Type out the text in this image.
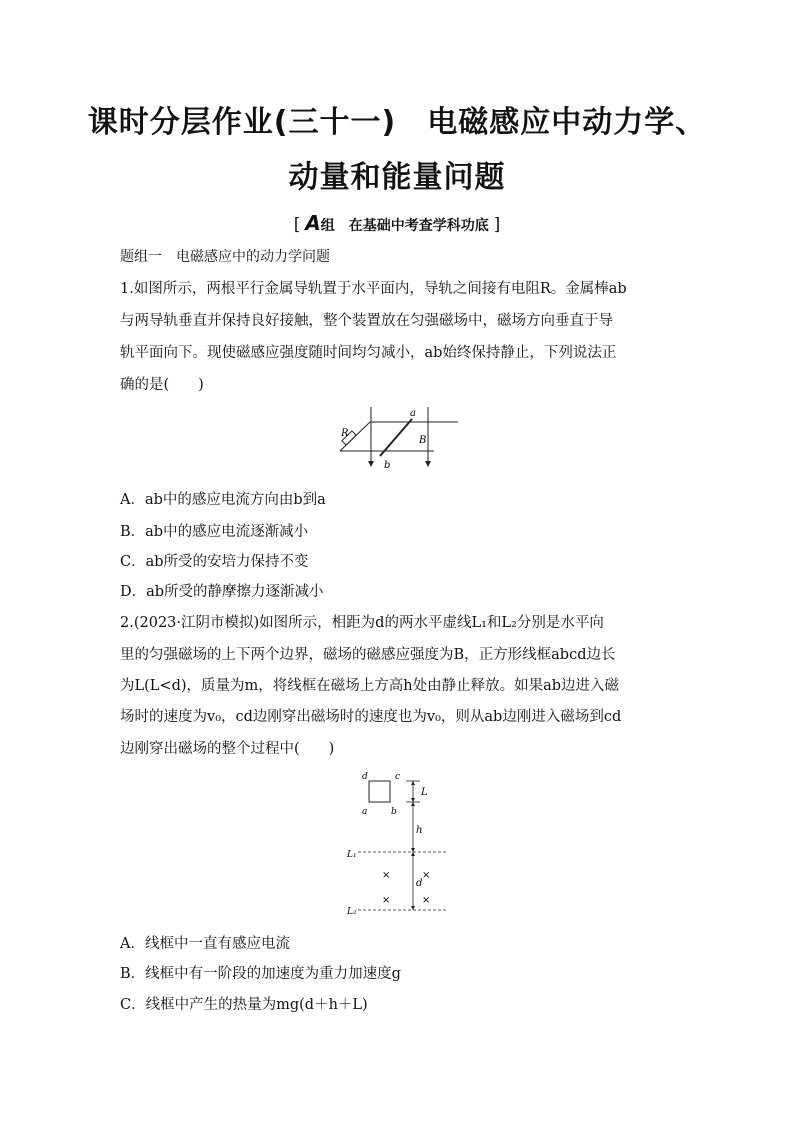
课时分层作业(三十一)　电磁感应中动力学、
动量和能量问题
[ A组　在基础中考查学科功底 ]
题组一　电磁感应中的动力学问题
1.如图所示，两根平行金属导轨置于水平面内，导轨之间接有电阻R。金属棒ab
与两导轨垂直并保持良好接触，整个装置放在匀强磁场中，磁场方向垂直于导
轨平面向下。现使磁感应强度随时间均匀减小，ab始终保持静止，下列说法正
确的是(　　)
R
a
b
B
A．ab中的感应电流方向由b到a
B．ab中的感应电流逐渐减小
C．ab所受的安培力保持不变
D．ab所受的静摩擦力逐渐减小
2.(2023·江阴市模拟)如图所示，相距为d的两水平虚线L₁和L₂分别是水平向
里的匀强磁场的上下两个边界，磁场的磁感应强度为B，正方形线框abcd边长
为L(L<d)，质量为m，将线框在磁场上方高h处由静止释放。如果ab边进入磁
场时的速度为v₀，cd边刚穿出磁场时的速度也为v₀，则从ab边刚进入磁场到cd
边刚穿出磁场的整个过程中(　　)
d	c
a	b
L
h
L₁
d
×	×
×	×
L₂
A．线框中一直有感应电流
B．线框中有一阶段的加速度为重力加速度g
C．线框中产生的热量为mg(d＋h＋L)
